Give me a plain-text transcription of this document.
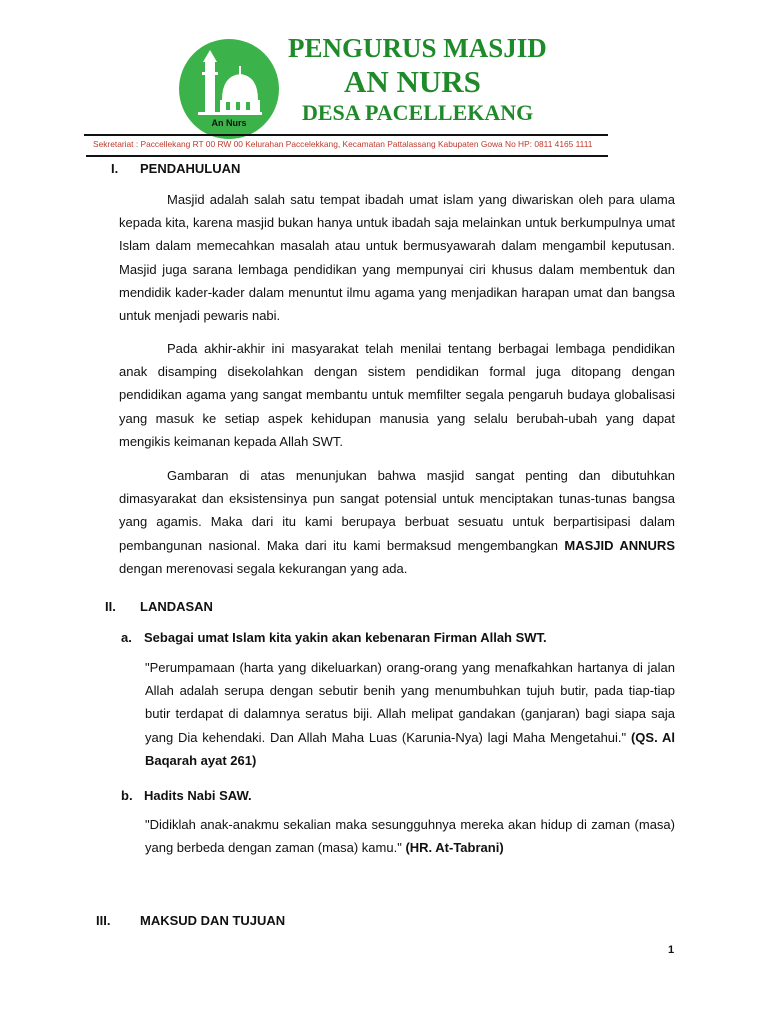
An Nurs
PENGURUS MASJID
AN NURS
DESA PACELLEKANG
Sekretariat : Paccellekang RT 00 RW 00 Kelurahan Paccelekkang, Kecamatan Pattalassang Kabupaten Gowa No HP: 0811 4165 1111
I. PENDAHULUAN

Masjid adalah salah satu tempat ibadah umat islam yang diwariskan oleh para ulama kepada kita, karena masjid bukan hanya untuk ibadah saja melainkan untuk berkumpulnya umat Islam dalam memecahkan masalah atau untuk bermusyawarah dalam mengambil keputusan. Masjid juga sarana lembaga pendidikan yang mempunyai ciri khusus dalam membentuk dan mendidik kader-kader dalam menuntut ilmu agama yang menjadikan harapan umat dan bangsa untuk menjadi pewaris nabi.

Pada akhir-akhir ini masyarakat telah menilai tentang berbagai lembaga pendidikan anak disamping disekolahkan dengan sistem pendidikan formal juga ditopang dengan pendidikan agama yang sangat membantu untuk memfilter segala pengaruh budaya globalisasi yang masuk ke setiap aspek kehidupan manusia yang selalu berubah-ubah yang dapat mengikis keimanan kepada Allah SWT.

Gambaran di atas menunjukan bahwa masjid sangat penting dan dibutuhkan dimasyarakat dan eksistensinya pun sangat potensial untuk menciptakan tunas-tunas bangsa yang agamis. Maka dari itu kami berupaya berbuat sesuatu untuk berpartisipasi dalam pembangunan nasional. Maka dari itu kami bermaksud mengembangkan MASJID ANNURS dengan merenovasi segala kekurangan yang ada.

II. LANDASAN
a. Sebagai umat Islam kita yakin akan kebenaran Firman Allah SWT.

"Perumpamaan (harta yang dikeluarkan) orang-orang yang menafkahkan hartanya di jalan Allah adalah serupa dengan sebutir benih yang menumbuhkan tujuh butir, pada tiap-tiap butir terdapat di dalamnya seratus biji. Allah melipat gandakan (ganjaran) bagi siapa saja yang Dia kehendaki. Dan Allah Maha Luas (Karunia-Nya) lagi Maha Mengetahui." (QS. Al Baqarah ayat 261)

b. Hadits Nabi SAW.

"Didiklah anak-anakmu sekalian maka sesungguhnya mereka akan hidup di zaman (masa) yang berbeda dengan zaman (masa) kamu." (HR. At-Tabrani)

III. MAKSUD DAN TUJUAN
1
